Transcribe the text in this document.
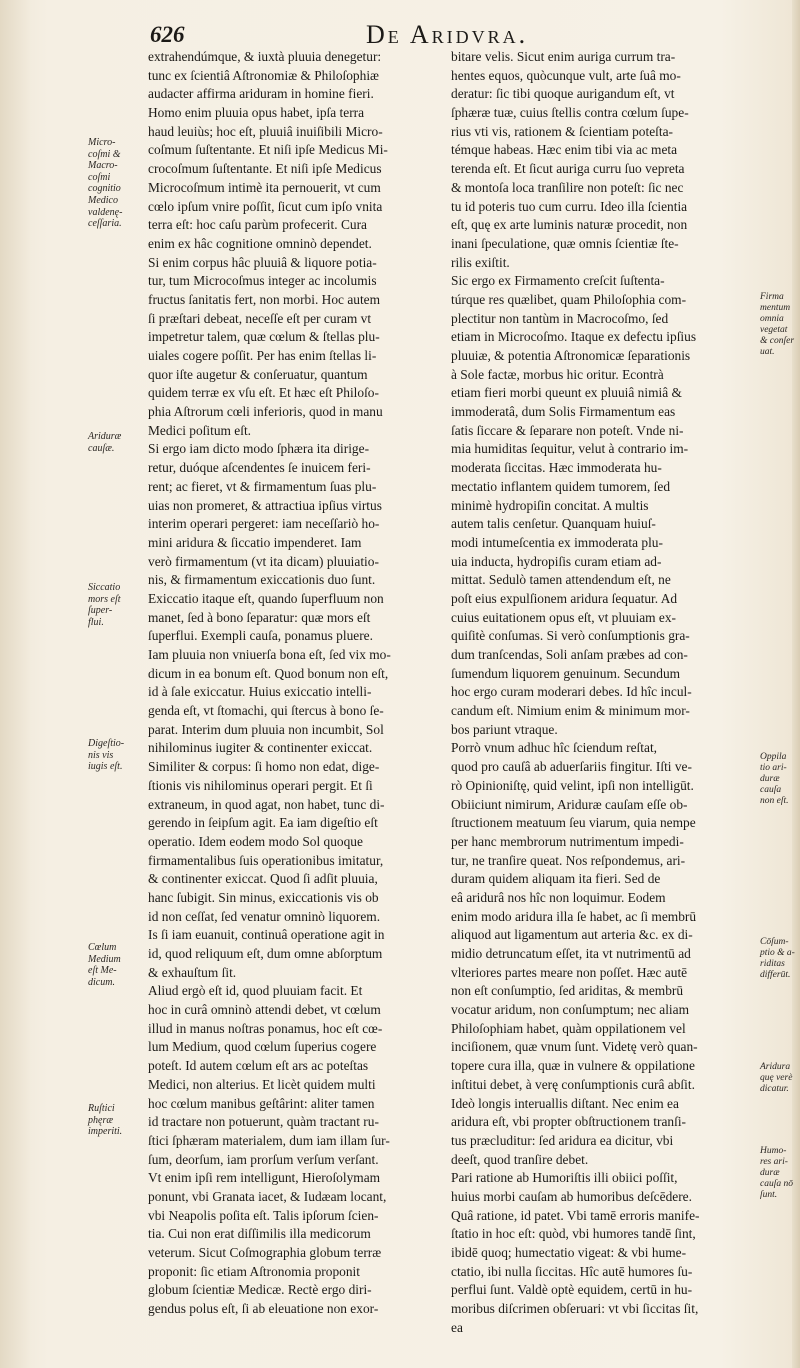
626	De Aridvra.
extrahendúmque, & iuxtà pluuia denegetur:
tunc ex ſcientiâ Aſtronomiæ & Philoſophiæ
audacter affirma ariduram in homine fieri.
Homo enim pluuia opus habet, ipſa terra
haud leuiùs; hoc eſt, pluuiâ inuiſibili Micro-
coſmum ſuſtentante. Et niſi ipſe Medicus Mi-
crocoſmum ſuſtentante. Et niſi ipſe Medicus
Microcoſmum intimè ita pernouerit, vt cum
cœlo ipſum vnire poſſit, ſicut cum ipſo vnita
terra eſt: hoc caſu parùm profecerit. Cura
enim ex hâc cognitione omninò dependet.
Si enim corpus hâc pluuiâ & liquore potia-
tur, tum Microcoſmus integer ac incolumis
fructus ſanitatis fert, non morbi. Hoc autem
ſi præſtari debeat, neceſſe eſt per curam vt
impetretur talem, quæ cœlum & ſtellas plu-
uiales cogere poſſit. Per has enim ſtellas li-
quor iſte augetur & conſeruatur, quantum
quidem terræ ex vſu eſt. Et hæc eſt Philoſo-
phia Aſtrorum cœli inferioris, quod in manu
Medici poſitum eſt.
Si ergo iam dicto modo ſphæra ita dirige-
retur, duóque aſcendentes ſe inuicem feri-
rent; ac fieret, vt & firmamentum ſuas plu-
uias non promeret, & attractiua ipſius virtus
interim operari pergeret: iam neceſſariò ho-
mini aridura & ſiccatio impenderet. Iam
verò firmamentum (vt ita dicam) pluuiatio-
nis, & firmamentum exiccationis duo ſunt.
Exiccatio itaque eſt, quando ſuperfluum non
manet, ſed à bono ſeparatur: quæ mors eſt
ſuperflui. Exempli cauſa, ponamus pluere.
Iam pluuia non vniuerſa bona eſt, ſed vix mo-
dicum in ea bonum eſt. Quod bonum non eſt,
id à ſale exiccatur. Huius exiccatio intelli-
genda eſt, vt ſtomachi, qui ſtercus à bono ſe-
parat. Interim dum pluuia non incumbit, Sol
nihilominus iugiter & continenter exiccat.
Similiter & corpus: ſi homo non edat, dige-
ſtionis vis nihilominus operari pergit. Et ſi
extraneum, in quod agat, non habet, tunc di-
gerendo in ſeipſum agit. Ea iam digeſtio eſt
operatio. Idem eodem modo Sol quoque
firmamentalibus ſuis operationibus imitatur,
& continenter exiccat. Quod ſi adſit pluuia,
hanc ſubigit. Sin minus, exiccationis vis ob
id non ceſſat, ſed venatur omninò liquorem.
Is ſi iam euanuit, continuâ operatione agit in
id, quod reliquum eſt, dum omne abſorptum
& exhauſtum ſit.
Aliud ergò eſt id, quod pluuiam facit. Et
hoc in curâ omninò attendi debet, vt cœlum
illud in manus noſtras ponamus, hoc eſt cœ-
lum Medium, quod cœlum ſuperius cogere
poteſt. Id autem cœlum eſt ars ac poteſtas
Medici, non alterius. Et licèt quidem multi
hoc cœlum manibus geſtârint: aliter tamen
id tractare non potuerunt, quàm tractant ru-
ſtici ſphæram materialem, dum iam illam ſur-
ſum, deorſum, iam prorſum verſum verſant.
Vt enim ipſi rem intelligunt, Hieroſolymam
ponunt, vbi Granata iacet, & Iudæam locant,
vbi Neapolis poſita eſt. Talis ipſorum ſcien-
tia. Cui non erat diſſimilis illa medicorum
veterum. Sicut Coſmographia globum terræ
proponit: ſic etiam Aſtronomia proponit
globum ſcientiæ Medicæ. Rectè ergo diri-
gendus polus eſt, ſi ab eleuatione non exor-
bitare velis. Sicut enim auriga currum tra-
hentes equos, quòcunque vult, arte ſuâ mo-
deratur: ſic tibi quoque aurigandum eſt, vt
ſphæræ tuæ, cuius ſtellis contra cœlum ſupe-
rius vti vis, rationem & ſcientiam poteſta-
témque habeas. Hæc enim tibi via ac meta
terenda eſt. Et ſicut auriga curru ſuo vepreta
& montoſa loca tranſilire non poteſt: ſic nec
tu id poteris tuo cum curru. Ideo illa ſcientia
eſt, quę ex arte luminis naturæ procedit, non
inani ſpeculatione, quæ omnis ſcientiæ ſte-
rilis exiſtit.
Sic ergo ex Firmamento creſcit ſuſtenta-
túrque res quælibet, quam Philoſophia com-
plectitur non tantùm in Macrocoſmo, ſed
etiam in Microcoſmo. Itaque ex defectu ipſius
pluuiæ, & potentia Aſtronomicæ ſeparationis
à Sole factæ, morbus hic oritur. Econtrà
etiam fieri morbi queunt ex pluuiâ nimiâ &
immoderatâ, dum Solis Firmamentum eas
ſatis ſiccare & ſeparare non poteſt. Vnde ni-
mia humiditas ſequitur, velut à contrario im-
moderata ſiccitas. Hæc immoderata hu-
mectatio inflantem quidem tumorem, ſed
minimè hydropiſin concitat. A multis
autem talis cenſetur. Quanquam huiuſ-
modi intumeſcentia ex immoderata plu-
uia inducta, hydropiſis curam etiam ad-
mittat. Sedulò tamen attendendum eſt, ne
poſt eius expulſionem aridura ſequatur. Ad
cuius euitationem opus eſt, vt pluuiam ex-
quiſitè conſumas. Si verò conſumptionis gra-
dum tranſcendas, Soli anſam præbes ad con-
ſumendum liquorem genuinum. Secundum
hoc ergo curam moderari debes. Id hîc incul-
candum eſt. Nimium enim & minimum mor-
bos pariunt vtraque.
Porrò vnum adhuc hîc ſciendum reſtat,
quod pro cauſâ ab aduerſariis fingitur. Iſti ve-
rò Opinioniſtę, quid velint, ipſi non intelligūt.
Obiiciunt nimirum, Ariduræ cauſam eſſe ob-
ſtructionem meatuum ſeu viarum, quia nempe
per hanc membrorum nutrimentum impedi-
tur, ne tranſire queat. Nos reſpondemus, ari-
duram quidem aliquam ita fieri. Sed de
eâ aridurâ nos hîc non loquimur. Eodem
enim modo aridura illa ſe habet, ac ſi membrū
aliquod aut ligamentum aut arteria &c. ex di-
midio detruncatum eſſet, ita vt nutrimentū ad
vlteriores partes meare non poſſet. Hæc autē
non eſt conſumptio, ſed ariditas, & membrū
vocatur aridum, non conſumptum; nec aliam
Philoſophiam habet, quàm oppilationem vel
inciſionem, quæ vnum ſunt. Videtę verò quan-
topere cura illa, quæ in vulnere & oppilatione
inſtitui debet, à verę conſumptionis curâ abſit.
Ideò longis interuallis diſtant. Nec enim ea
aridura eſt, vbi propter obſtructionem tranſi-
tus præcluditur: ſed aridura ea dicitur, vbi
deeſt, quod tranſire debet.
Pari ratione ab Humoriſtis illi obiici poſſit,
huius morbi cauſam ab humoribus deſcēdere.
Quâ ratione, id patet. Vbi tamē erroris manife-
ſtatio in hoc eſt: quòd, vbi humores tandē ſint,
ibidē quoq; humectatio vigeat: & vbi hume-
ctatio, ibi nulla ſiccitas. Hîc autē humores ſu-
perflui ſunt. Valdè optè equidem, certū in hu-
moribus diſcrimen obſeruari: vt vbi ſiccitas ſit,
ea
Micro-
coſmi &
Macro-
coſmi
cognitio
Medico
valdenę-
ceſſaria.
Ariduræ
cauſæ.
Siccatio
mors eſt
ſuper-
flui.
Digeſtio-
nis vis
iugis eſt.
Cœlum
Medium
eſt Me-
dicum.
Ruſtici
phęræ
imperiti.
Firma
mentum
omnia
vegetat
& conſer
uat.
Oppila
tio ari-
duræ
cauſa
non eſt.
Cōſum-
ptio & a-
riditas
differūt.
Aridura
quę verè
dicatur.
Humo-
res ari-
duræ
cauſa nō
ſunt.
